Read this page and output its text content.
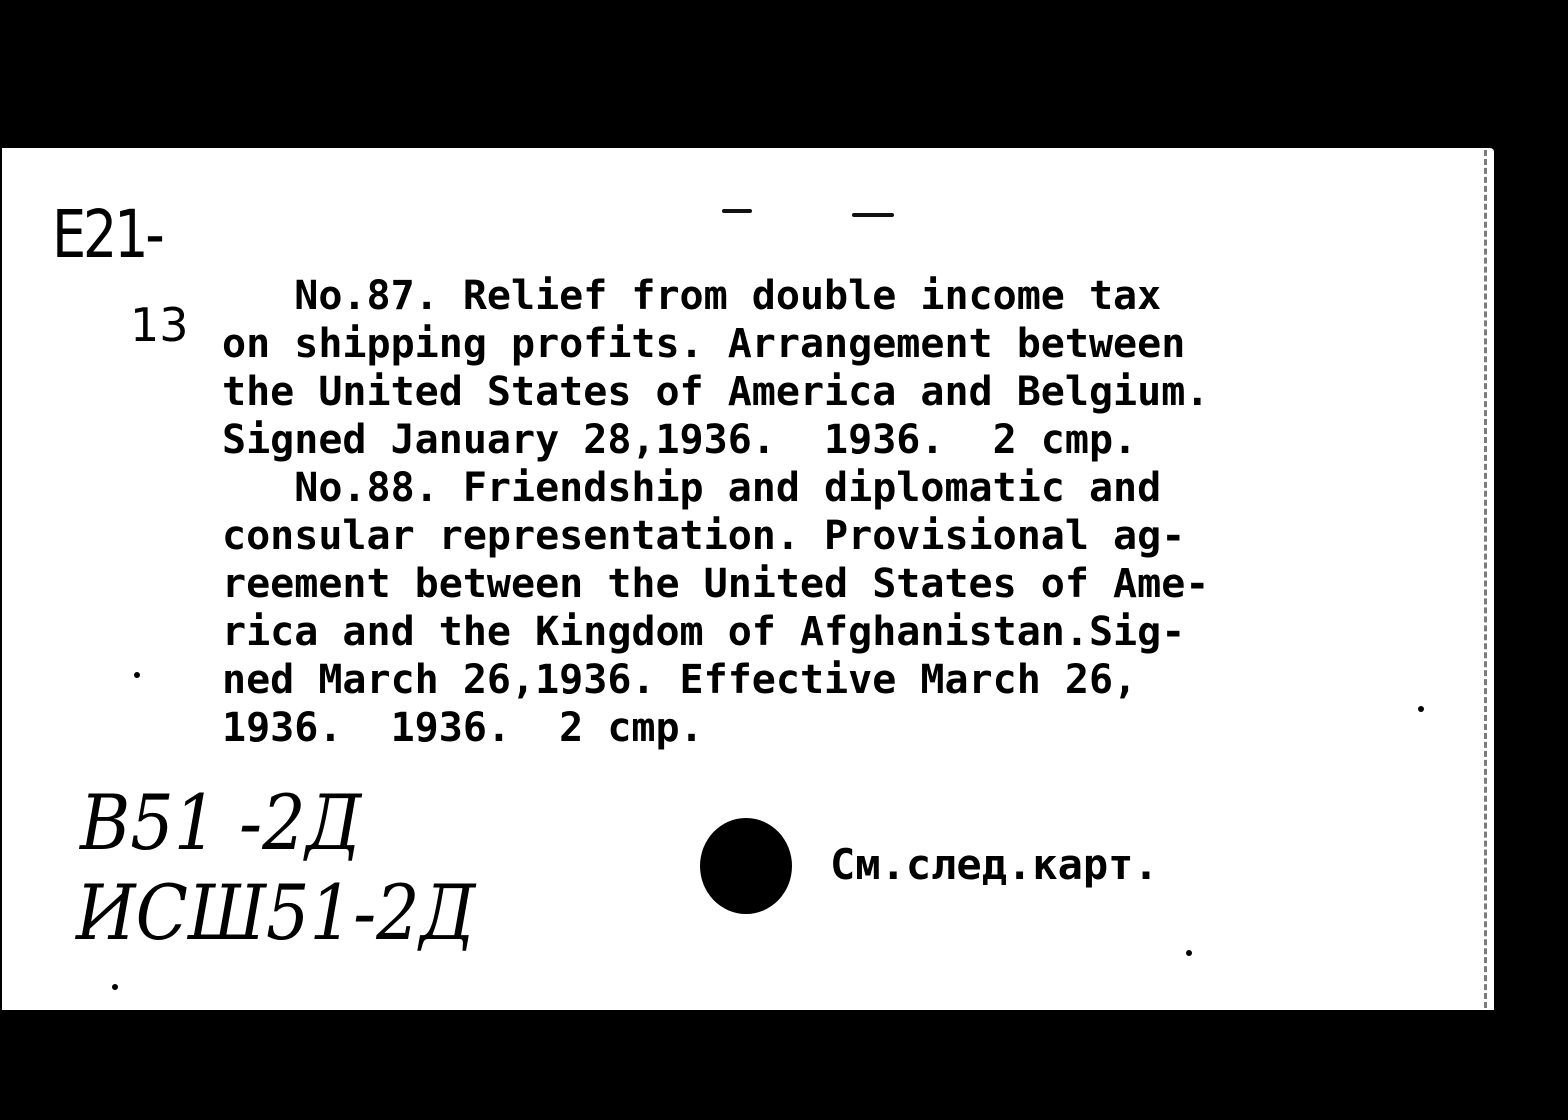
E21-
13
No.87. Relief from double income tax
on shipping profits. Arrangement between
the United States of America and Belgium.
Signed January 28,1936.  1936.  2 cmp.
No.88. Friendship and diplomatic and
consular representation. Provisional ag-
reement between the United States of Ame-
rica and the Kingdom of Afghanistan.Sig-
ned March 26,1936. Effective March 26,
1936.  1936.  2 cmp.
В51 -2Д
ИСШ51-2Д
См.след.карт.
